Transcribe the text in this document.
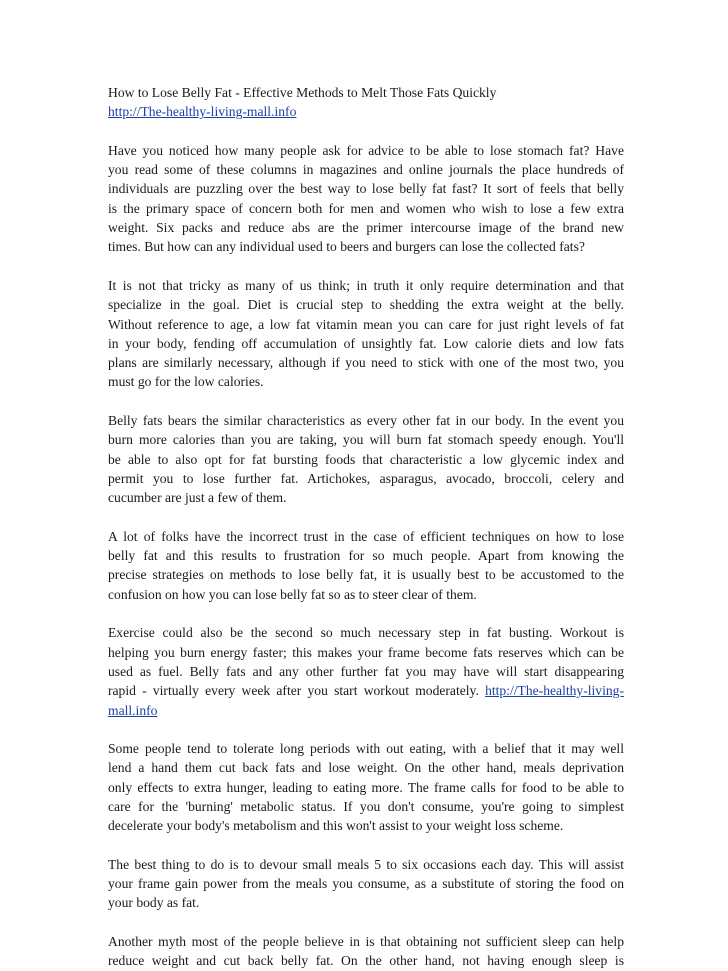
How to Lose Belly Fat - Effective Methods to Melt Those Fats Quickly
http://The-healthy-living-mall.info
Have you noticed how many people ask for advice to be able to lose stomach fat? Have
you read some of these columns in magazines and online journals the place hundreds of
individuals are puzzling over the best way to lose belly fat fast? It sort of feels that belly
is the primary space of concern both for men and women who wish to lose a few extra
weight. Six packs and reduce abs are the primer intercourse image of the brand new
times. But how can any individual used to beers and burgers can lose the collected fats?
It is not that tricky as many of us think; in truth it only require determination and that
specialize in the goal. Diet is crucial step to shedding the extra weight at the belly.
Without reference to age, a low fat vitamin mean you can care for just right levels of fat
in your body, fending off accumulation of unsightly fat. Low calorie diets and low fats
plans are similarly necessary, although if you need to stick with one of the most two, you
must go for the low calories.
Belly fats bears the similar characteristics as every other fat in our body. In the event you
burn more calories than you are taking, you will burn fat stomach speedy enough. You'll
be able to also opt for fat bursting foods that characteristic a low glycemic index and
permit you to lose further fat. Artichokes, asparagus, avocado, broccoli, celery and
cucumber are just a few of them.
A lot of folks have the incorrect trust in the case of efficient techniques on how to lose
belly fat and this results to frustration for so much people. Apart from knowing the
precise strategies on methods to lose belly fat, it is usually best to be accustomed to the
confusion on how you can lose belly fat so as to steer clear of them.
Exercise could also be the second so much necessary step in fat busting. Workout is
helping you burn energy faster; this makes your frame become fats reserves which can be
used as fuel. Belly fats and any other further fat you may have will start disappearing
rapid - virtually every week after you start workout moderately. http://The-healthy-living-
mall.info
Some people tend to tolerate long periods with out eating, with a belief that it may well
lend a hand them cut back fats and lose weight. On the other hand, meals deprivation
only effects to extra hunger, leading to eating more. The frame calls for food to be able to
care for the 'burning' metabolic status. If you don't consume, you're going to simplest
decelerate your body's metabolism and this won't assist to your weight loss scheme.
The best thing to do is to devour small meals 5 to six occasions each day. This will assist
your frame gain power from the meals you consume, as a substitute of storing the food on
your body as fat.
Another myth most of the people believe in is that obtaining not sufficient sleep can help
reduce weight and cut back belly fat. On the other hand, not having enough sleep is
